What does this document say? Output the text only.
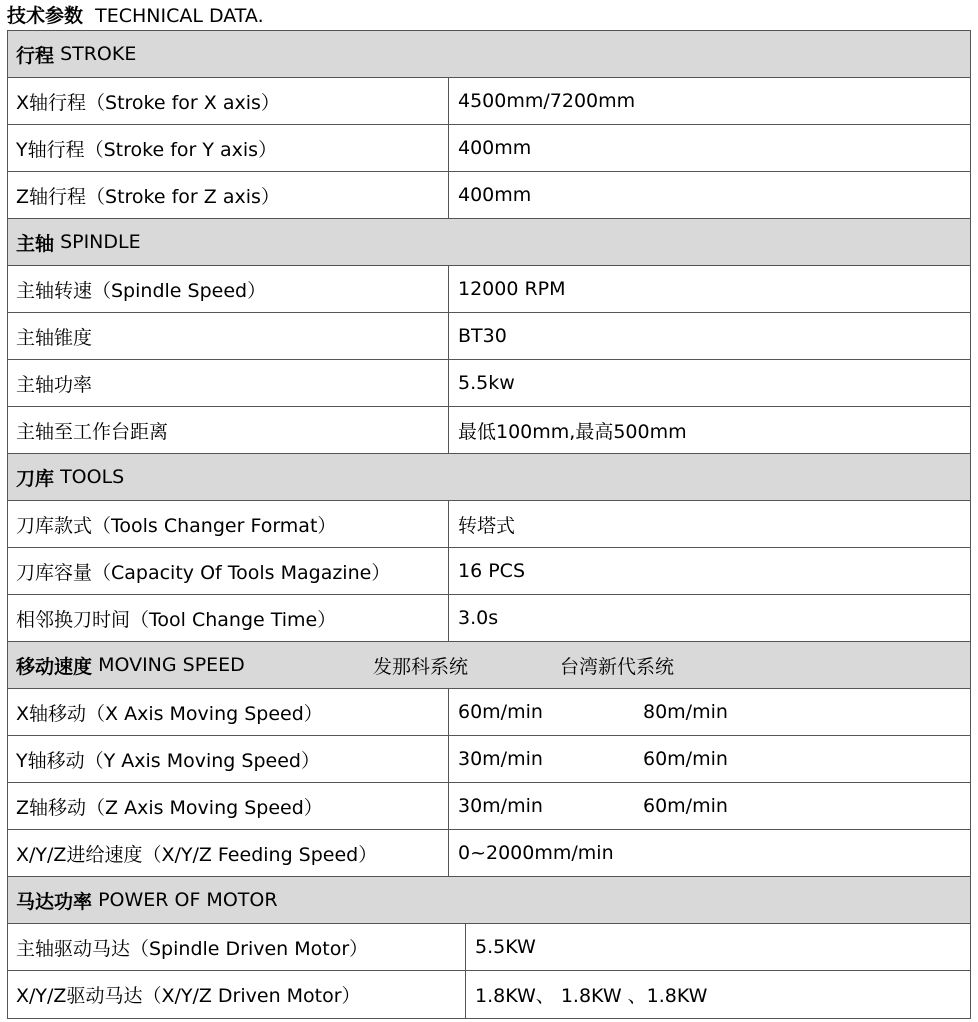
技术参数 TECHNICAL DATA.
行程
STROKE
X轴行程（Stroke for X axis）	4500mm/7200mm
Y轴行程（Stroke for Y axis）	400mm
Z轴行程（Stroke for Z axis）	400mm
主轴
SPINDLE
主轴转速（Spindle Speed）	12000 RPM
主轴锥度	BT30
主轴功率	5.5kw
主轴至工作台距离	最低100mm,最高500mm
刀库
TOOLS
刀库款式（Tools Changer Format）	转塔式
刀库容量（Capacity Of Tools Magazine）	16 PCS
相邻换刀时间（Tool Change Time）	3.0s
移动速度
MOVING SPEED	发那科系统	台湾新代系统
X轴移动（X Axis Moving Speed）	60m/min	80m/min
Y轴移动（Y Axis Moving Speed）	30m/min	60m/min
Z轴移动（Z Axis Moving Speed）	30m/min	60m/min
X/Y/Z进给速度（X/Y/Z Feeding Speed）	0~2000mm/min
马达功率
POWER OF MOTOR
主轴驱动马达（Spindle Driven Motor）	5.5KW
X/Y/Z驱动马达（X/Y/Z Driven Motor）	1.8KW、 1.8KW 、1.8KW
